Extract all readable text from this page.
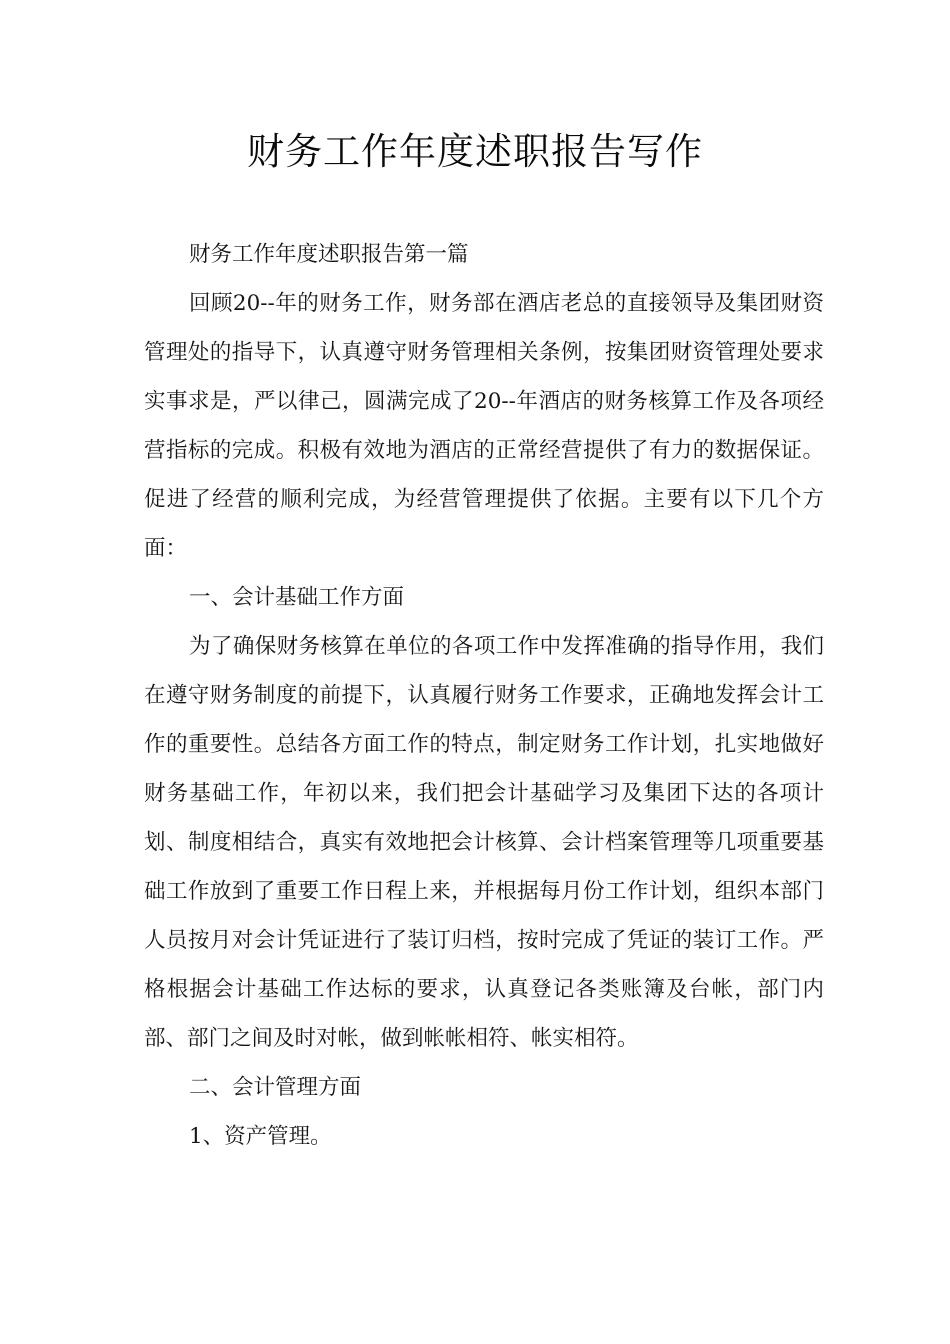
财务工作年度述职报告写作

财务工作年度述职报告第一篇

回顾20--年的财务工作，财务部在酒店老总的直接领导及集团财资管理处的指导下，认真遵守财务管理相关条例，按集团财资管理处要求实事求是，严以律己，圆满完成了20--年酒店的财务核算工作及各项经营指标的完成。积极有效地为酒店的正常经营提供了有力的数据保证。促进了经营的顺利完成，为经营管理提供了依据。主要有以下几个方面：

一、会计基础工作方面

为了确保财务核算在单位的各项工作中发挥准确的指导作用，我们在遵守财务制度的前提下，认真履行财务工作要求，正确地发挥会计工作的重要性。总结各方面工作的特点，制定财务工作计划，扎实地做好财务基础工作，年初以来，我们把会计基础学习及集团下达的各项计划、制度相结合，真实有效地把会计核算、会计档案管理等几项重要基础工作放到了重要工作日程上来，并根据每月份工作计划，组织本部门人员按月对会计凭证进行了装订归档，按时完成了凭证的装订工作。严格根据会计基础工作达标的要求，认真登记各类账簿及台帐，部门内部、部门之间及时对帐，做到帐帐相符、帐实相符。

二、会计管理方面

1、资产管理。
